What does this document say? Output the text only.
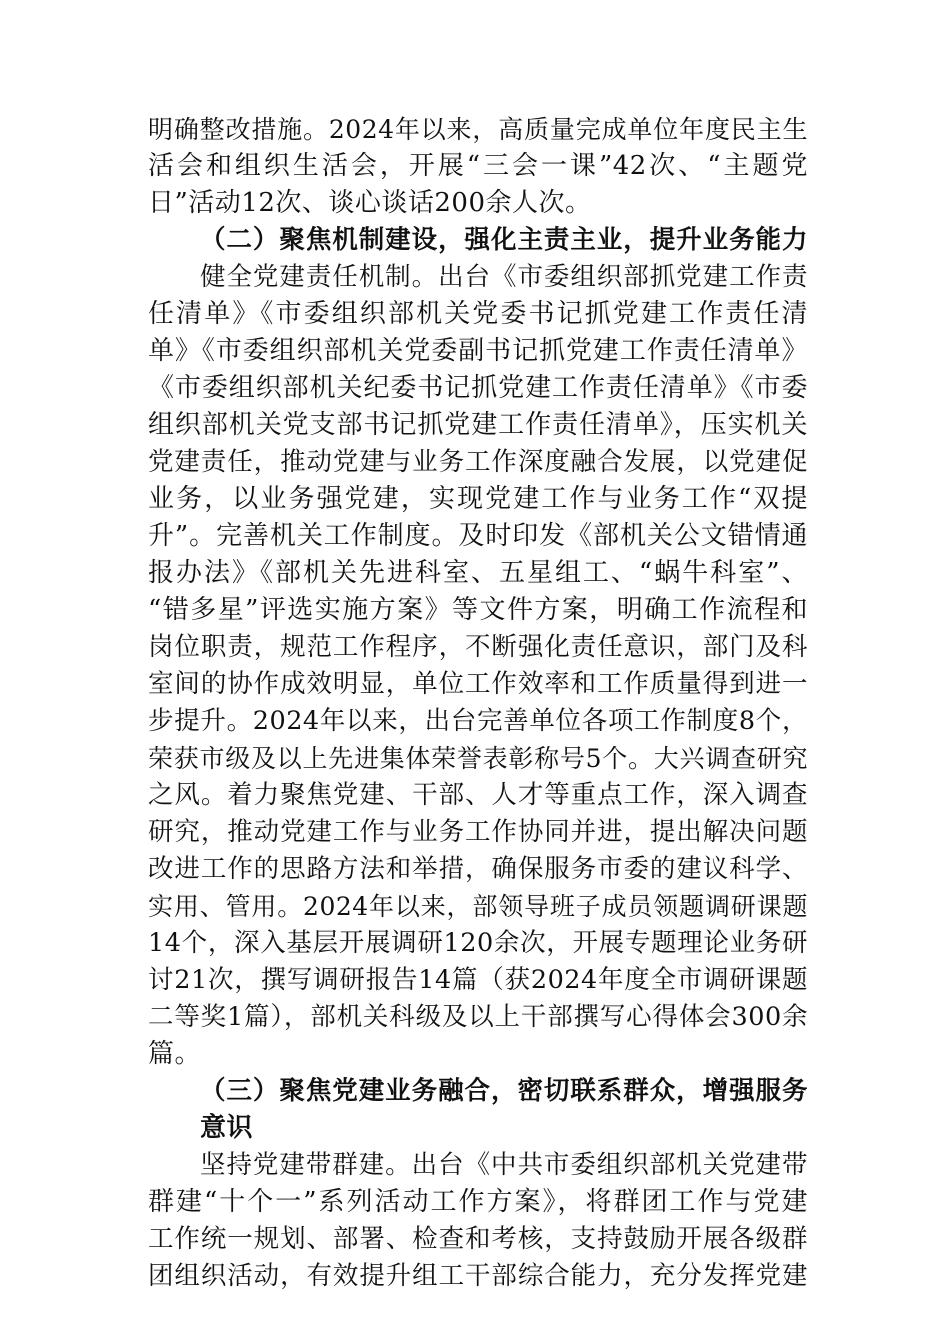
明确整改措施。2024年以来，高质量完成单位年度民主生
活会和组织生活会，开展“三会一课”42次、“主题党
日”活动12次、谈心谈话200余人次。
（二）聚焦机制建设，强化主责主业，提升业务能力
健全党建责任机制。出台《市委组织部抓党建工作责
任清单》《市委组织部机关党委书记抓党建工作责任清
单》《市委组织部机关党委副书记抓党建工作责任清单》
《市委组织部机关纪委书记抓党建工作责任清单》《市委
组织部机关党支部书记抓党建工作责任清单》，压实机关
党建责任，推动党建与业务工作深度融合发展，以党建促
业务，以业务强党建，实现党建工作与业务工作“双提
升”。完善机关工作制度。及时印发《部机关公文错情通
报办法》《部机关先进科室、五星组工、“蜗牛科室”、
“错多星”评选实施方案》等文件方案，明确工作流程和
岗位职责，规范工作程序，不断强化责任意识，部门及科
室间的协作成效明显，单位工作效率和工作质量得到进一
步提升。2024年以来，出台完善单位各项工作制度8个，
荣获市级及以上先进集体荣誉表彰称号5个。大兴调查研究
之风。着力聚焦党建、干部、人才等重点工作，深入调查
研究，推动党建工作与业务工作协同并进，提出解决问题
改进工作的思路方法和举措，确保服务市委的建议科学、
实用、管用。2024年以来，部领导班子成员领题调研课题
14个，深入基层开展调研120余次，开展专题理论业务研
讨21次，撰写调研报告14篇（获2024年度全市调研课题
二等奖1篇），部机关科级及以上干部撰写心得体会300余
篇。
（三）聚焦党建业务融合，密切联系群众，增强服务
意识
坚持党建带群建。出台《中共市委组织部机关党建带
群建“十个一”系列活动工作方案》，将群团工作与党建
工作统一规划、部署、检查和考核，支持鼓励开展各级群
团组织活动，有效提升组工干部综合能力，充分发挥党建
